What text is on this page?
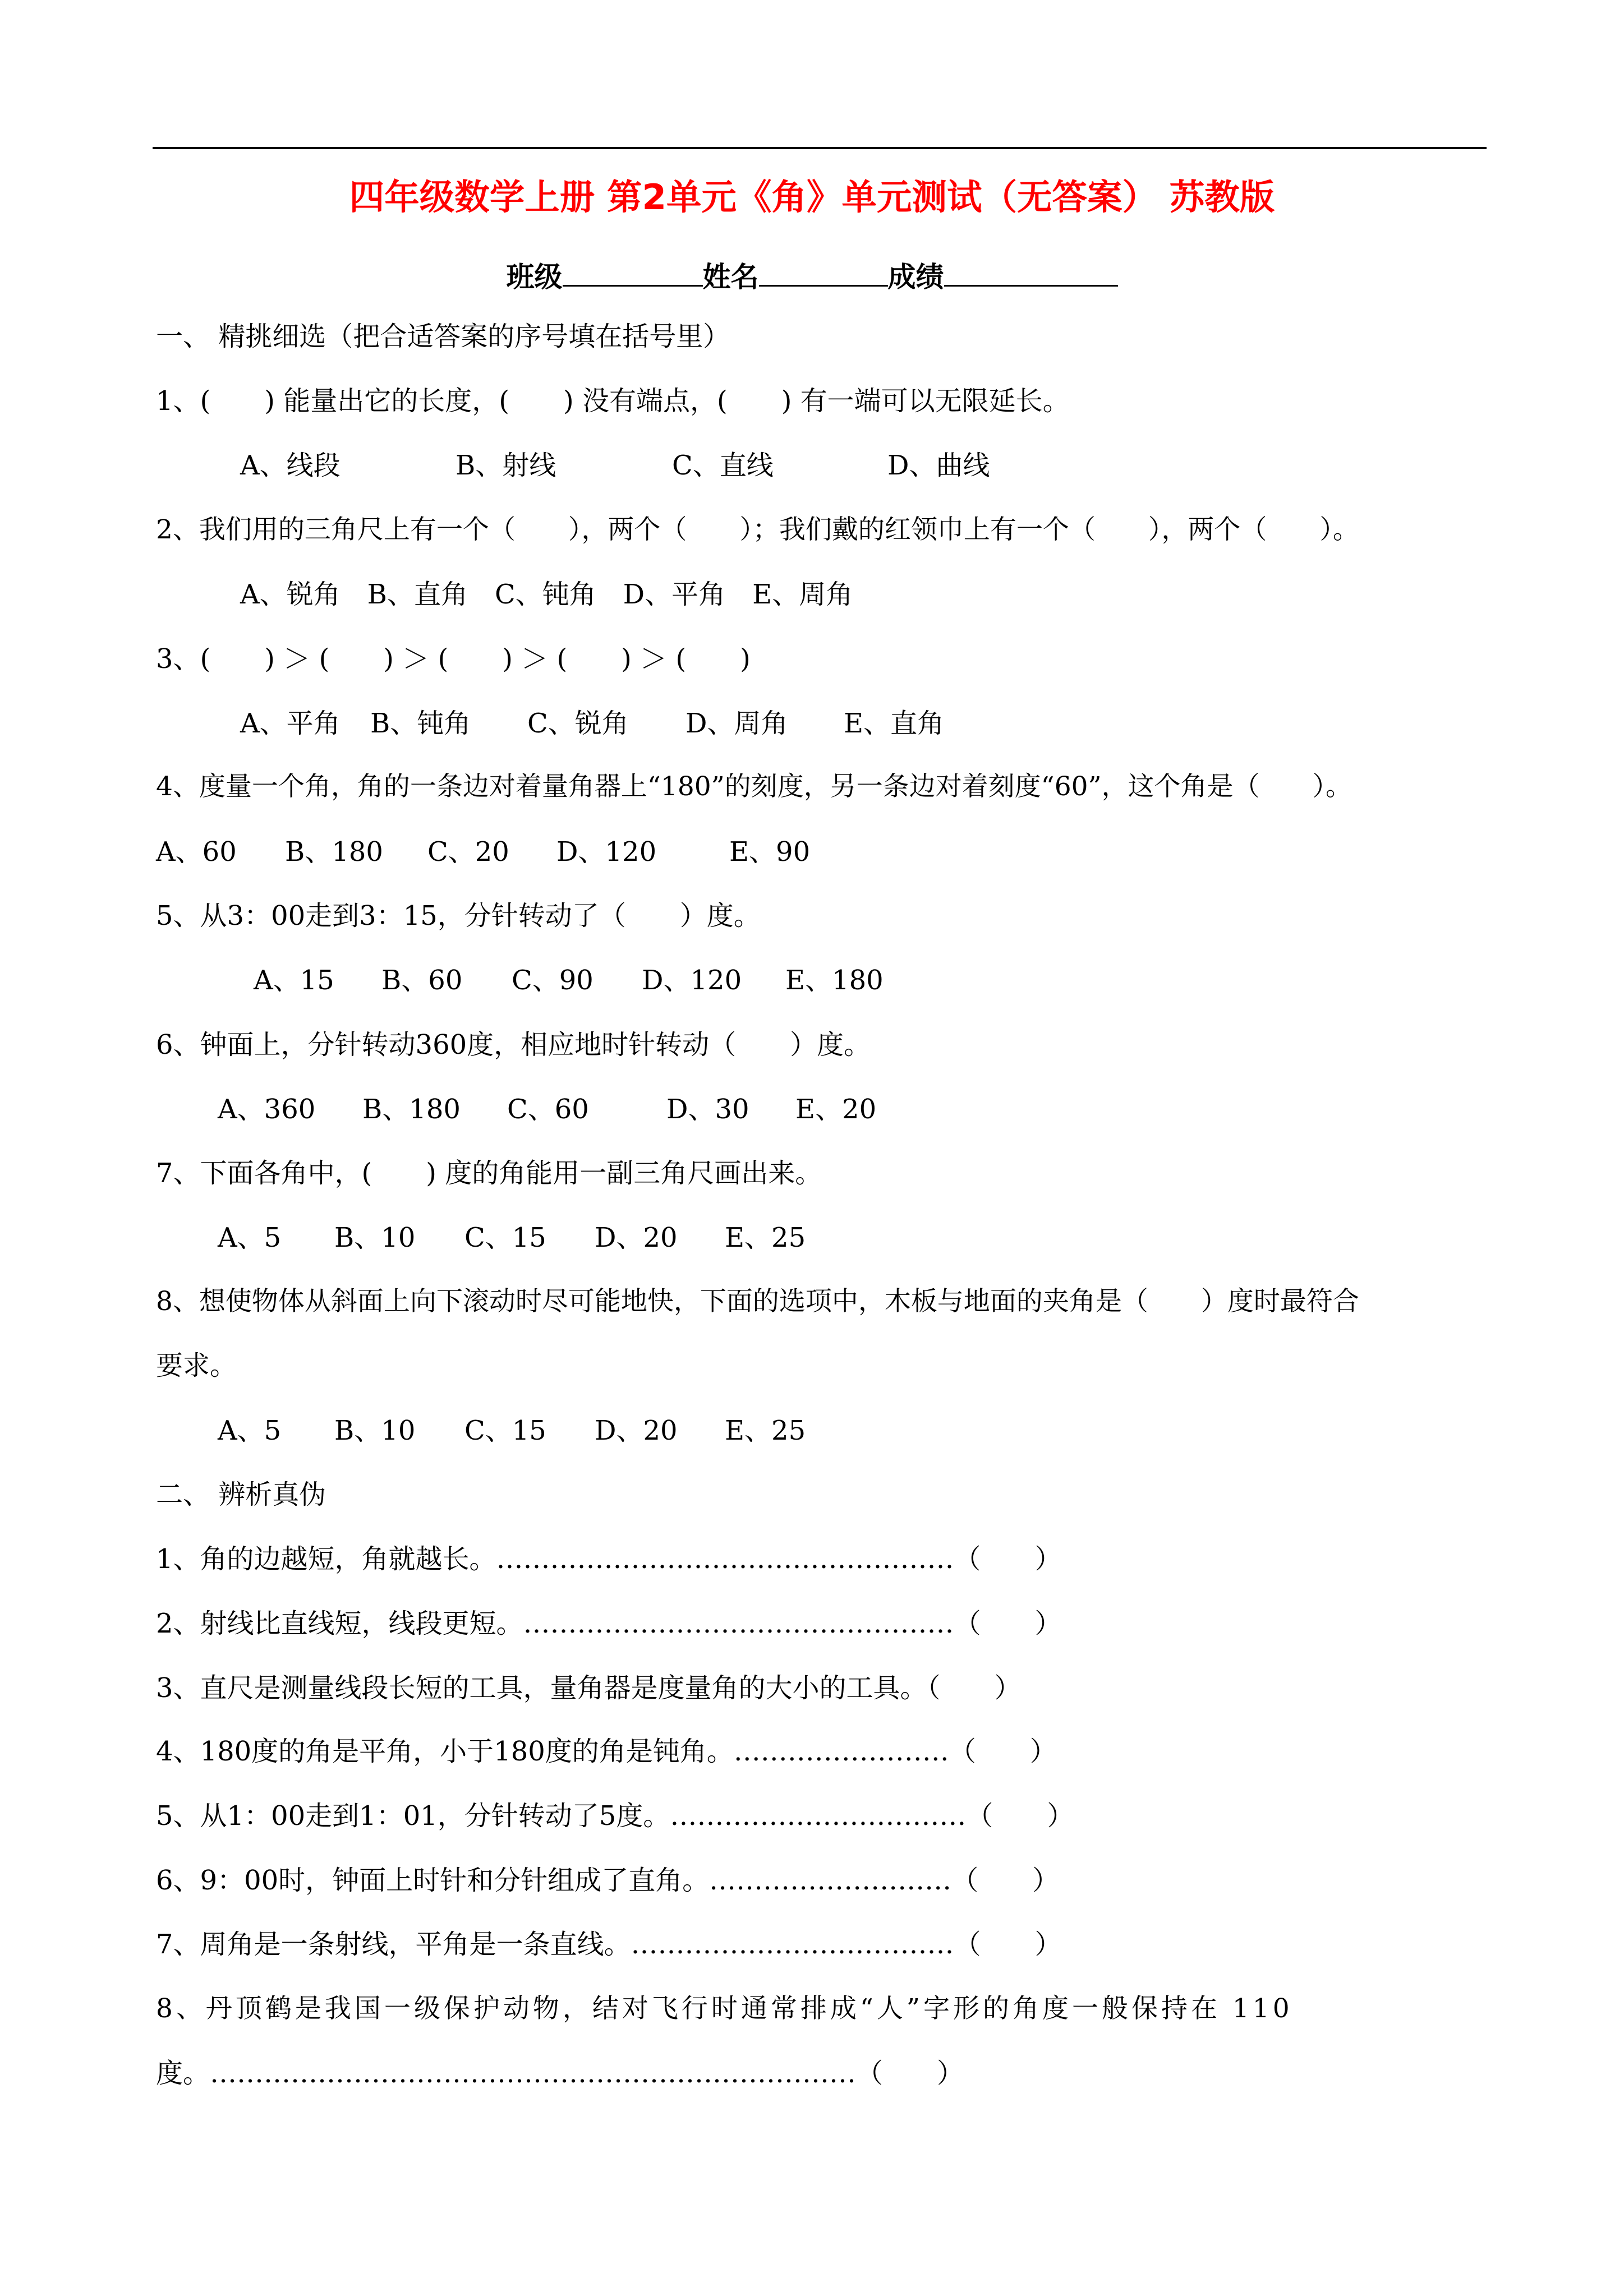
四年级数学上册 第2单元《角》单元测试（无答案） 苏教版
班级	姓名	成绩
一、 精挑细选（把合适答案的序号填在括号里）
1、(　　) 能量出它的长度，(　　) 没有端点，(　　) 有一端可以无限延长。
A、线段	B、射线	C、直线	D、曲线
2、我们用的三角尺上有一个（　　），两个（　　）；我们戴的红领巾上有一个（　　），两个（　　）。
A、锐角　B、直角　C、钝角　D、平角　E、周角
3、(　　) ＞ (　　) ＞ (　　) ＞ (　　) ＞ (　　)
A、平角 B、钝角 C、锐角 D、周角 E、直角
4、度量一个角，角的一条边对着量角器上“180”的刻度，另一条边对着刻度“60”，这个角是（　　）。
A、60 B、180 C、20 D、120	E、90
5、从3：00走到3：15，分针转动了（　　）度。
A、15 B、60 C、90 D、120 E、180
6、钟面上，分针转动360度，相应地时针转动（　　）度。
A、360 B、180 C、60	D、30 E、20
7、下面各角中，(　　) 度的角能用一副三角尺画出来。
A、5 B、10 C、15 D、20 E、25
8、想使物体从斜面上向下滚动时尽可能地快，下面的选项中，木板与地面的夹角是（　　）度时最符合
要求。
A、5 B、10 C、15 D、20 E、25
二、 辨析真伪
1、角的边越短，角就越长。……………………………………………（　　）
2、射线比直线短，线段更短。…………………………………………（　　）
3、直尺是测量线段长短的工具，量角器是度量角的大小的工具。（　　）
4、180度的角是平角，小于180度的角是钝角。……………………（　　）
5、从1：00走到1：01，分针转动了5度。……………………………（　　）
6、9：00时，钟面上时针和分针组成了直角。………………………（　　）
7、周角是一条射线，平角是一条直线。………………………………（　　）
8、丹顶鹤是我国一级保护动物，结对飞行时通常排成“人”字形的角度一般保持在 110
度。………………………………………………………………（　　）
